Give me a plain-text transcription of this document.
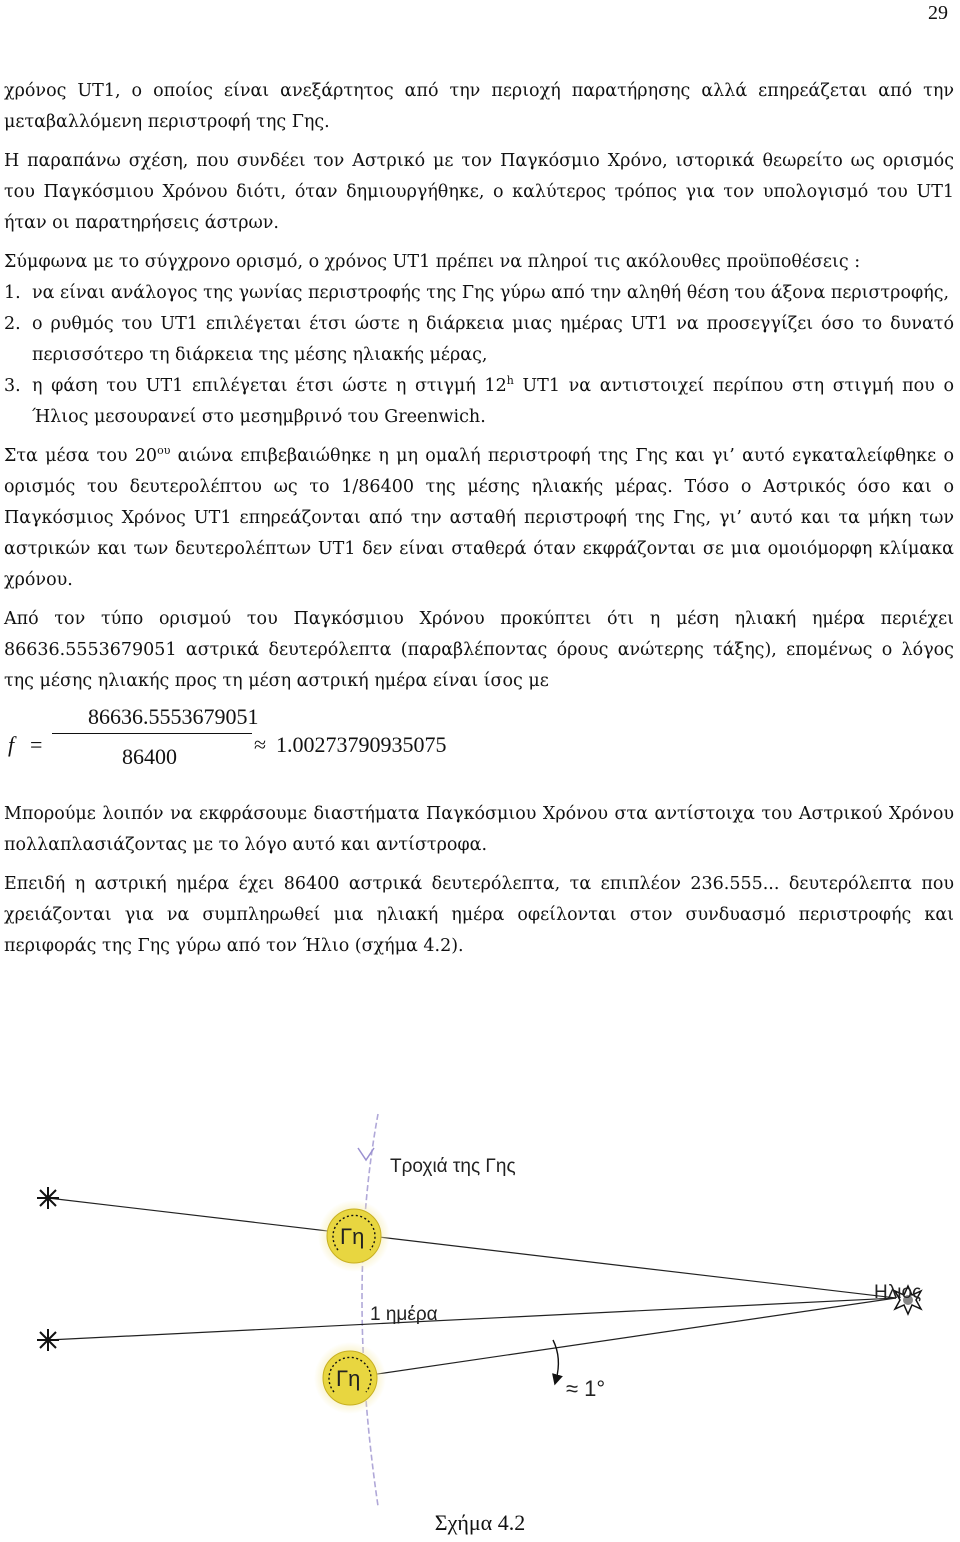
29

χρόνος UT1, ο οποίος είναι ανεξάρτητος από την περιοχή παρατήρησης αλλά επηρεάζεται από την μεταβαλλόμενη περιστροφή της Γης.

Η παραπάνω σχέση, που συνδέει τον Αστρικό με τον Παγκόσμιο Χρόνο, ιστορικά θεωρείτο ως ορισμός του Παγκόσμιου Χρόνου διότι, όταν δημιουργήθηκε, ο καλύτερος τρόπος για τον υπολογισμό του UT1 ήταν οι παρατηρήσεις άστρων.

Σύμφωνα με το σύγχρονο ορισμό, ο χρόνος UT1 πρέπει να πληροί τις ακόλουθες προϋποθέσεις :

1. να είναι ανάλογος της γωνίας περιστροφής της Γης γύρω από την αληθή θέση του άξονα περιστροφής,
2. ο ρυθμός του UT1 επιλέγεται έτσι ώστε η διάρκεια μιας ημέρας UT1 να προσεγγίζει όσο το δυνατό περισσότερο τη διάρκεια της μέσης ηλιακής μέρας,
3. η φάση του UT1 επιλέγεται έτσι ώστε η στιγμή 12$^h$ UT1 να αντιστοιχεί περίπου στη στιγμή που ο Ήλιος μεσουρανεί στο μεσημβρινό του Greenwich.

Στα μέσα του $20^{o\upsilon}$ αιώνα επιβεβαιώθηκε η μη ομαλή περιστροφή της Γης και γι’ αυτό εγκαταλείφθηκε ο ορισμός του δευτερολέπτου ως το 1/86400 της μέσης ηλιακής μέρας. Τόσο ο Αστρικός όσο και ο Παγκόσμιος Χρόνος UT1 επηρεάζονται από την ασταθή περιστροφή της Γης, γι’ αυτό και τα μήκη των αστρικών και των δευτερολέπτων UT1 δεν είναι σταθερά όταν εκφράζονται σε μια ομοιόμορφη κλίμακα χρόνου.

Από τον τύπο ορισμού του Παγκόσμιου Χρόνου προκύπτει ότι η μέση ηλιακή ημέρα περιέχει 86636.5553679051 αστρικά δευτερόλεπτα (παραβλέποντας όρους ανώτερης τάξης), επομένως ο λόγος της μέσης ηλιακής προς τη μέση αστρική ημέρα είναι ίσος με

f =
86636.5553679051
86400	≈ 1.00273790935075

Μπορούμε λοιπόν να εκφράσουμε διαστήματα Παγκόσμιου Χρόνου στα αντίστοιχα του Αστρικού Χρόνου πολλαπλασιάζοντας με το λόγο αυτό και αντίστροφα.

Επειδή η αστρική ημέρα έχει 86400 αστρικά δευτερόλεπτα, τα επιπλέον 236.555... δευτερόλεπτα που χρειάζονται για να συμπληρωθεί μια ηλιακή ημέρα οφείλονται στον συνδυασμό περιστροφής και περιφοράς της Γης γύρω από τον Ήλιο (σχήμα 4.2).

Τροχιά της Γης
Ηλιος
Γη
Γη
1 ημέρα
≈ 1°
Σχήμα 4.2
